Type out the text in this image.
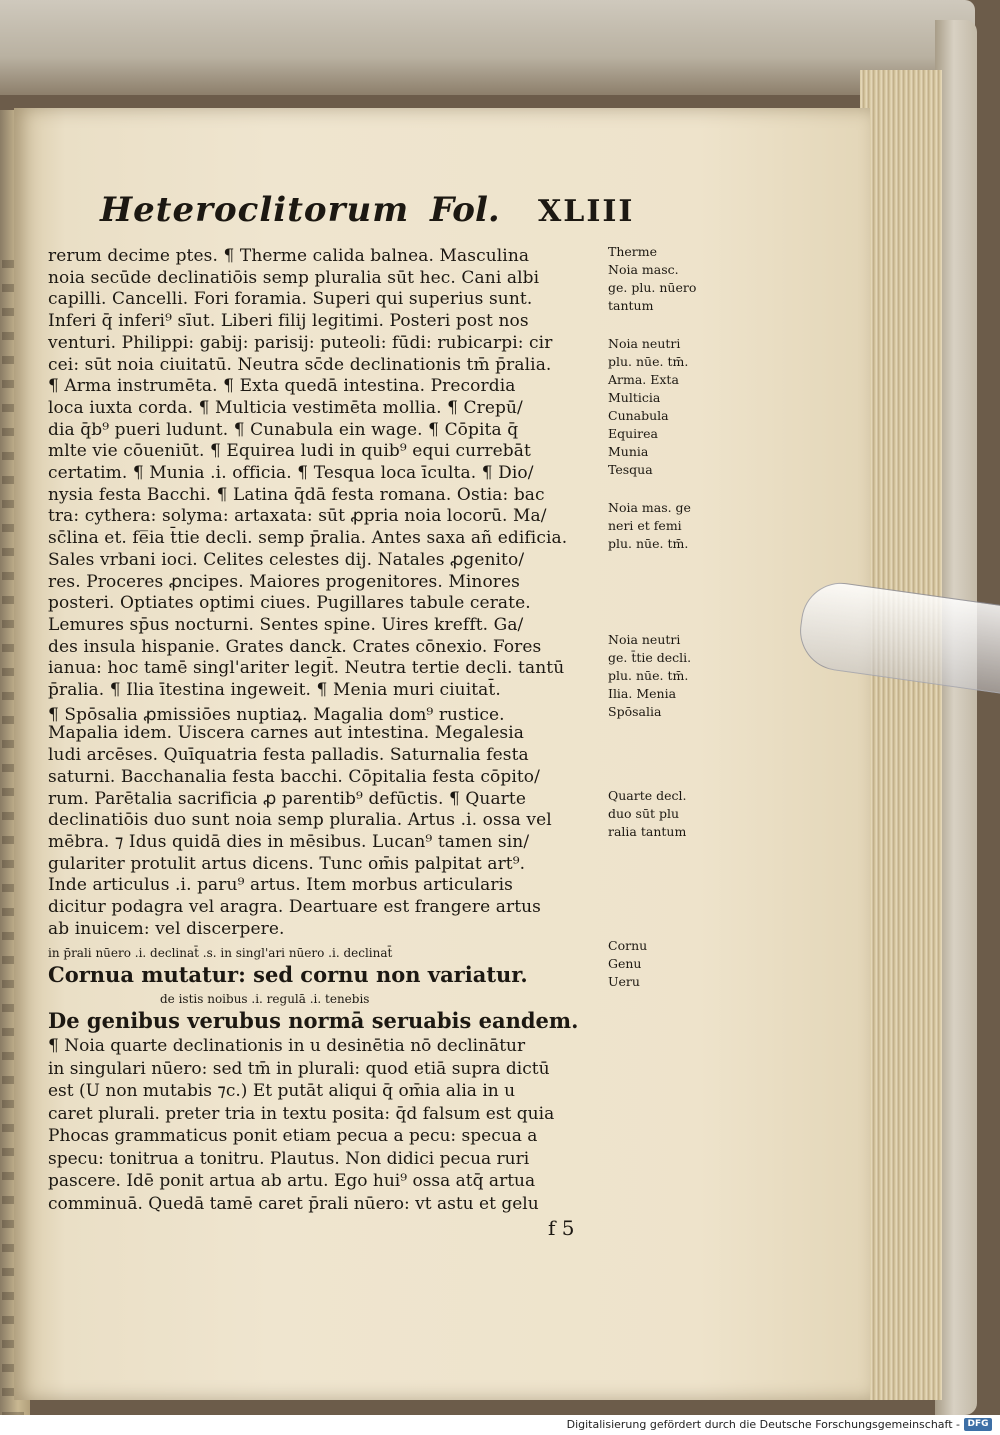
Heteroclitorum Fol. XLIII
rerum decime ptes. ¶ Therme calida balnea. Masculina
noia secūde declinatiōis semp pluralia sūt hec. Cani albi
capilli. Cancelli. Fori foramia. Superi qui superius sunt.
Inferi q̄ inferi⁹ sīut. Liberi filij legitimi. Posteri post nos
venturi. Philippi: gabij: parisij: puteoli: fūdi: rubicarpi: cir
cei: sūt noia ciuitatū. Neutra sc̄de declinationis tm̄ p̄ralia.
¶ Arma instrumēta. ¶ Exta quedā intestina. Precordia
loca iuxta corda. ¶ Multicia vestimēta mollia. ¶ Crepū/
dia q̄b⁹ pueri ludunt. ¶ Cunabula ein wage. ¶ Cōpita q̄
mlte vie cōueniūt. ¶ Equirea ludi in quib⁹ equi currebāt
certatim. ¶ Munia .i. officia. ¶ Tesqua loca īculta. ¶ Dio/
nysia festa Bacchi. ¶ Latina q̄dā festa romana. Ostia: bac
tra: cythera: solyma: artaxata: sūt ꝓpria noia locorū. Ma/
sc̄lina et. fe̅ia t̄tie decli. semp p̄ralia. Antes saxa añ edificia.
Sales vrbani ioci. Celites celestes dij. Natales ꝓgenito/
res. Proceres ꝓncipes. Maiores progenitores. Minores
posteri. Optiates optimi ciues. Pugillares tabule cerate.
Lemures sp̄us nocturni. Sentes spine. Uires krefft. Ga/
des insula hispanie. Grates danck. Crates cōnexio. Fores
ianua: hoc tamē singl'ariter legit̄. Neutra tertie decli. tantū
p̄ralia. ¶ Ilia ītestina ingeweit. ¶ Menia muri ciuitat̄.
¶ Spōsalia ꝓmissiōes nuptiaꝝ. Magalia dom⁹ rustice.
Mapalia idem. Uiscera carnes aut intestina. Megalesia
ludi arcēses. Quīquatria festa palladis. Saturnalia festa
saturni. Bacchanalia festa bacchi. Cōpitalia festa cōpito/
rum. Parētalia sacrificia ꝓ parentib⁹ defūctis. ¶ Quarte
declinatiōis duo sunt noia semp pluralia. Artus .i. ossa vel
mēbra. ⁊ Idus quidā dies in mēsibus. Lucan⁹ tamen sin/
gulariter protulit artus dicens. Tunc om̄is palpitat art⁹.
Inde articulus .i. paru⁹ artus. Item morbus articularis
dicitur podagra vel aragra. Deartuare est frangere artus
ab inuicem: vel discerpere.
in p̄rali nūero .i. declinat̄ .s. in singl'ari nūero .i. declinat̄
Cornua mutatur: sed cornu non variatur.
de istis noibus .i. regulā .i. tenebis
De genibus verubus normā seruabis eandem.
¶ Noia quarte declinationis in u desinētia nō declinātur
in singulari nūero: sed tm̄ in plurali: quod etiā supra dictū
est (U non mutabis ⁊c.) Et putāt aliqui q̄ om̄ia alia in u
caret plurali. preter tria in textu posita: q̄d falsum est quia
Phocas grammaticus ponit etiam pecua a pecu: specua a
specu: tonitrua a tonitru. Plautus. Non didici pecua ruri
pascere. Idē ponit artua ab artu. Ego hui⁹ ossa atq̄ artua
comminuā. Quedā tamē caret p̄rali nūero: vt astu et gelu
f 5
Therme
Noia masc.
ge. plu. nūero
tantum
Noia neutri
plu. nūe. tm̄.
Arma. Exta
Multicia
Cunabula
Equirea
Munia
Tesqua
Noia mas. ge
neri et femi
plu. nūe. tm̄.
Noia neutri
ge. t̄tie decli.
plu. nūe. tm̄.
Ilia. Menia
Spōsalia
Quarte decl.
duo sūt plu
ralia tantum
Cornu
Genu
Ueru
Digitalisierung gefördert durch die Deutsche Forschungsgemeinschaft - DFG
